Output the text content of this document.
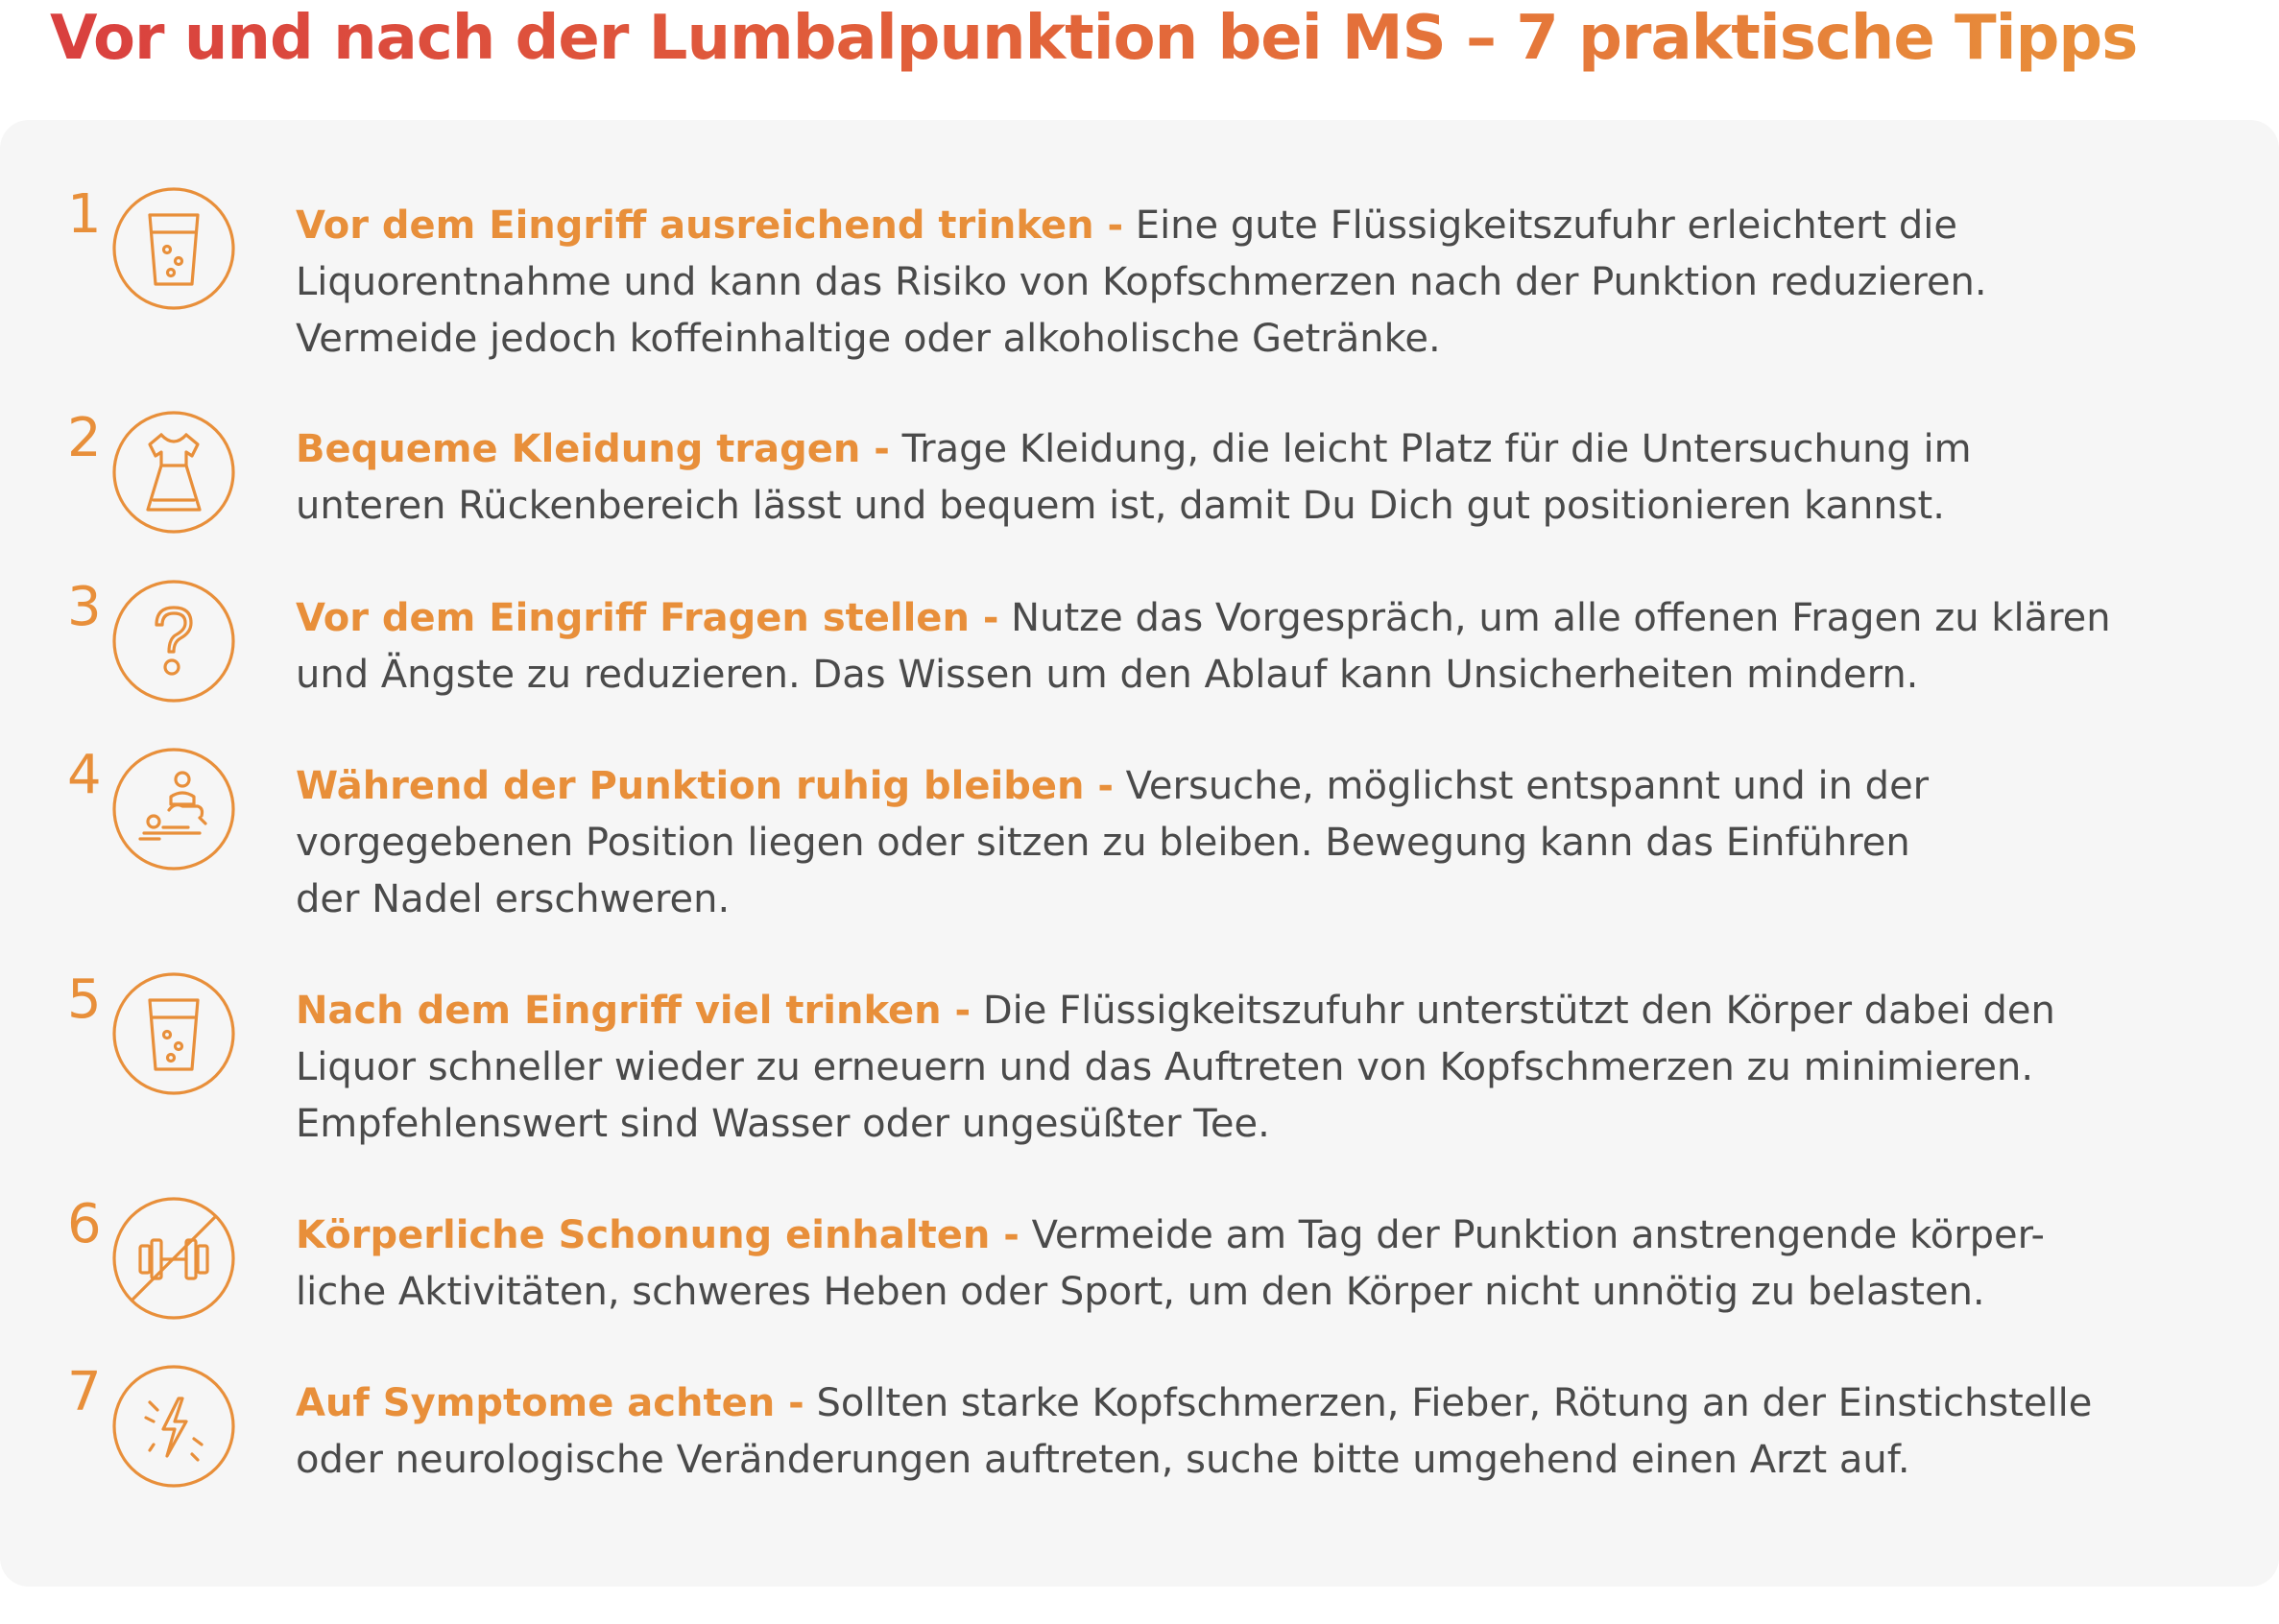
Vor und nach der Lumbalpunktion bei MS – 7 praktische Tipps
1	Vor dem Eingriff ausreichend trinken - Eine gute Flüssigkeitszufuhr erleichtert die
Liquorentnahme und kann das Risiko von Kopfschmerzen nach der Punktion reduzieren.
Vermeide jedoch koffeinhaltige oder alkoholische Getränke.

2	Bequeme Kleidung tragen - Trage Kleidung, die leicht Platz für die Untersuchung im
unteren Rückenbereich lässt und bequem ist, damit Du Dich gut positionieren kannst.

3	Vor dem Eingriff Fragen stellen - Nutze das Vorgespräch, um alle offenen Fragen zu klären
und Ängste zu reduzieren. Das Wissen um den Ablauf kann Unsicherheiten mindern.

4	Während der Punktion ruhig bleiben - Versuche, möglichst entspannt und in der
vorgegebenen Position liegen oder sitzen zu bleiben. Bewegung kann das Einführen
der Nadel erschweren.

5	Nach dem Eingriff viel trinken - Die Flüssigkeitszufuhr unterstützt den Körper dabei den
Liquor schneller wieder zu erneuern und das Auftreten von Kopfschmerzen zu minimieren.
Empfehlenswert sind Wasser oder ungesüßter Tee.

6	Körperliche Schonung einhalten - Vermeide am Tag der Punktion anstrengende körper-
liche Aktivitäten, schweres Heben oder Sport, um den Körper nicht unnötig zu belasten.

7	Auf Symptome achten - Sollten starke Kopfschmerzen, Fieber, Rötung an der Einstichstelle
oder neurologische Veränderungen auftreten, suche bitte umgehend einen Arzt auf.
